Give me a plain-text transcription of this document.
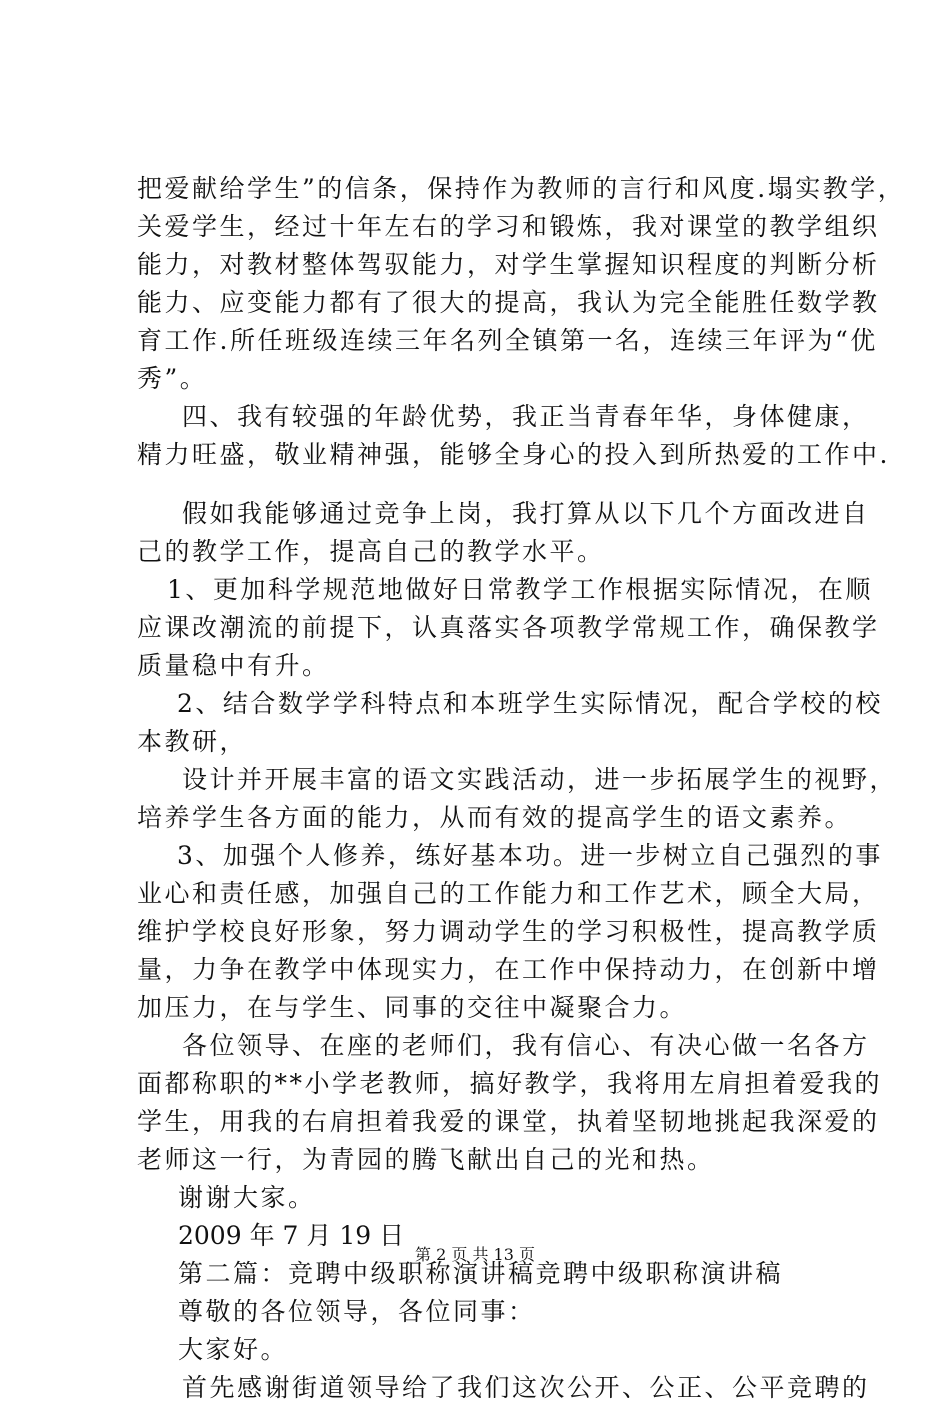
把爱献给学生”的信条，保持作为教师的言行和风度.塌实教学，
关爱学生，经过十年左右的学习和锻炼，我对课堂的教学组织
能力，对教材整体驾驭能力，对学生掌握知识程度的判断分析
能力、应变能力都有了很大的提高，我认为完全能胜任数学教
育工作.所任班级连续三年名列全镇第一名，连续三年评为“优
秀”。
四、我有较强的年龄优势，我正当青春年华，身体健康，
精力旺盛，敬业精神强，能够全身心的投入到所热爱的工作中.
假如我能够通过竞争上岗，我打算从以下几个方面改进自
己的教学工作，提高自己的教学水平。
1、更加科学规范地做好日常教学工作根据实际情况，在顺
应课改潮流的前提下，认真落实各项教学常规工作，确保教学
质量稳中有升。
2、结合数学学科特点和本班学生实际情况，配合学校的校
本教研，
设计并开展丰富的语文实践活动，进一步拓展学生的视野，
培养学生各方面的能力，从而有效的提高学生的语文素养。
3、加强个人修养，练好基本功。进一步树立自己强烈的事
业心和责任感，加强自己的工作能力和工作艺术，顾全大局，
维护学校良好形象，努力调动学生的学习积极性，提高教学质
量，力争在教学中体现实力，在工作中保持动力，在创新中增
加压力，在与学生、同事的交往中凝聚合力。
各位领导、在座的老师们，我有信心、有决心做一名各方
面都称职的**小学老教师，搞好教学，我将用左肩担着爱我的
学生，用我的右肩担着我爱的课堂，执着坚韧地挑起我深爱的
老师这一行，为青园的腾飞献出自己的光和热。
谢谢大家。
2009 年 7 月 19 日
第二篇：竞聘中级职称演讲稿竞聘中级职称演讲稿
尊敬的各位领导，各位同事：
大家好。
首先感谢街道领导给了我们这次公开、公正、公平竞聘的
第 2 页 共 13 页
